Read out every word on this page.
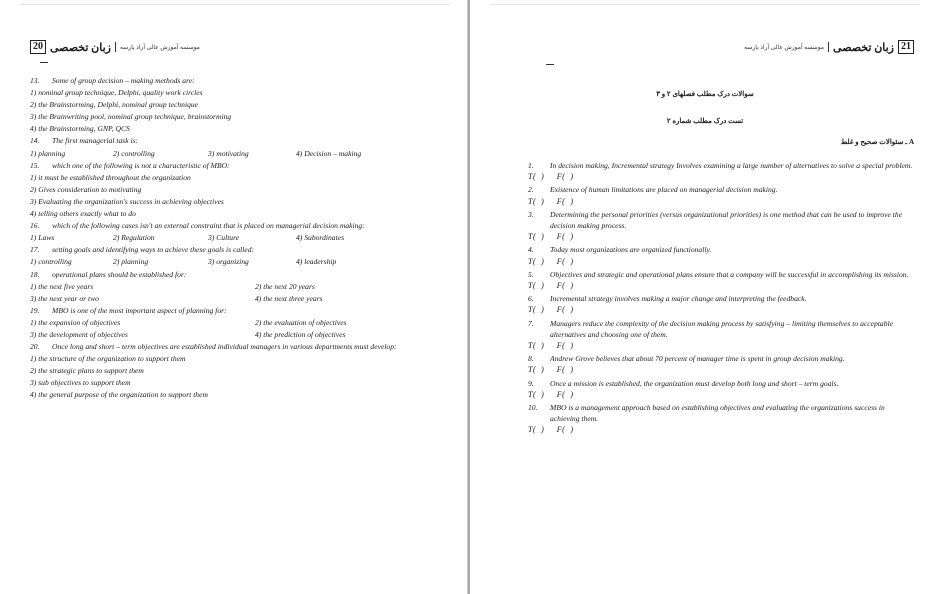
20 زبان تخصصی موسسه آموزش عالی آزاد پارسه
13.	Some of group decision – making methods are:
1) nominal group technique, Delphi, quality work circles
2) the Brainstorming, Delphi, nominal group technique
3) the Brainwriting pool, nominal group technique, brainstorming
4) the Brainstorming, GNP, QCS
14.	The first managerial task is:
1) planning	2) controlling	3) motivating	4) Decision – making
15.	which one of the following is not a characteristic of MBO:
1) it must be established throughout the organization
2) Gives consideration to motivating
3) Evaluating the organization's success in achieving objectives
4) telling others exactly what to do
16.	which of the following cases isn't an external constraint that is placed on managerial decision making:
1) Laws	2) Regulation	3) Culture	4) Subordinates
17.	setting goals and identifying ways to achieve these goals is called:
1) controlling	2) planning	3) organizing	4) leadership
18.	operational plans should be established for:
1) the next five years	2) the next 20 years
3) the next year or two	4) the next three years
19.	MBO is one of the most important aspect of planning for:
1) the expansion of objectives	2) the evaluation of objectives
3) the development of objectives	4) the prediction of objectives
20.	Once long and short – term objectives are established individual managers in various departments must develop:
1) the structure of the organization to support them
2) the strategic plans to support them
3) sub objectives to support them
4) the general purpose of the organization to support them
21
زبان تخصصی
موسسه آموزش عالی آزاد پارسه
سوالات درک مطلب فصلهای ۲ و ۳
تست درک مطلب شماره ۲
A ـ سئوالات صحیح و غلط
1.	In decision making, Incremental strategy Involves examining a large number of alternatives to solve a special problem.
T(  )     F(  )
2.	Existence of human limitations are placed on managerial decision making.
T(  )     F(  )
3.	Determining the personal priorities (versus organizational priorities) is one method that can be used to improve the decision making process.
T(  )     F(  )
4.	Today most organizations are organized functionally.
T(  )     F(  )
5.	Objectives and strategic and operational plans ensure that a company will be successful in accomplishing its mission.
T(  )     F(  )
6.	Incremental strategy involves making a major change and interpreting the feedback.
T(  )     F(  )
7.	Managers reduce the complexity of the decision making process by satisfying – limiting themselves to acceptable alternatives and choosing one of them.
T(  )     F(  )
8.	Andrew Grove believes that about 70 percent of manager time is spent in group decision making.
T(  )     F(  )
9.	Once a mission is established, the organization must develop both long and short – term goals.
T(  )     F(  )
10.	MBO is a management approach based on establishing objectives and evaluating the organizations success in achieving them.
T(  )     F(  )
